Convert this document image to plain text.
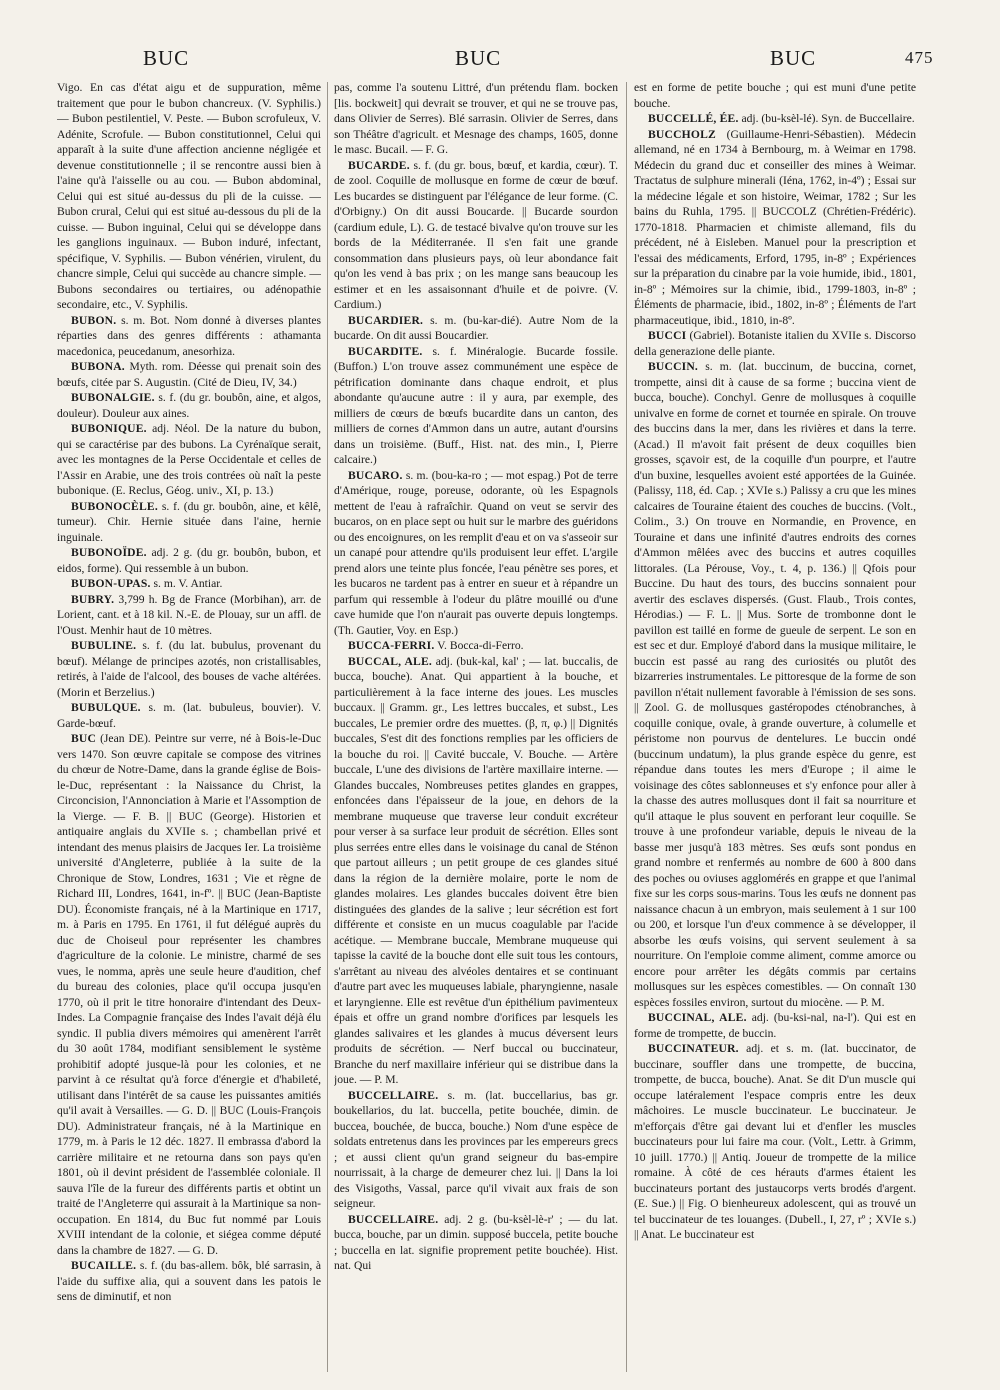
BUC	BUC	BUC	475

Vigo. En cas d'état aigu et de suppuration, même traitement que pour le bubon chancreux. (V. Syphilis.) — Bubon pestilentiel, V. Peste. — Bubon scrofuleux, V. Adénite, Scrofule. — Bubon constitutionnel, Celui qui apparaît à la suite d'une affection ancienne négligée et devenue constitutionnelle ; il se rencontre aussi bien à l'aine qu'à l'aisselle ou au cou. — Bubon abdominal, Celui qui est situé au-dessus du pli de la cuisse. — Bubon crural, Celui qui est situé au-dessous du pli de la cuisse. — Bubon inguinal, Celui qui se développe dans les ganglions inguinaux. — Bubon induré, infectant, spécifique, V. Syphilis. — Bubon vénérien, virulent, du chancre simple, Celui qui succède au chancre simple. — Bubons secondaires ou tertiaires, ou adénopathie secondaire, etc., V. Syphilis.

BUBON. s. m. Bot. Nom donné à diverses plantes réparties dans des genres différents : athamanta macedonica, peucedanum, anesorhiza.

BUBONA. Myth. rom. Déesse qui prenait soin des bœufs, citée par S. Augustin. (Cité de Dieu, IV, 34.)

BUBONALGIE. s. f. (du gr. boubôn, aine, et algos, douleur). Douleur aux aines.

BUBONIQUE. adj. Néol. De la nature du bubon, qui se caractérise par des bubons. La Cyrénaïque serait, avec les montagnes de la Perse Occidentale et celles de l'Assir en Arabie, une des trois contrées où naît la peste bubonique. (E. Reclus, Géog. univ., XI, p. 13.)

BUBONOCÈLE. s. f. (du gr. boubôn, aine, et kêlê, tumeur). Chir. Hernie située dans l'aine, hernie inguinale.

BUBONOÏDE. adj. 2 g. (du gr. boubôn, bubon, et eidos, forme). Qui ressemble à un bubon.

BUBON-UPAS. s. m. V. Antiar.

BUBRY. 3,799 h. Bg de France (Morbihan), arr. de Lorient, cant. et à 18 kil. N.-E. de Plouay, sur un affl. de l'Oust. Menhir haut de 10 mètres.

BUBULINE. s. f. (du lat. bubulus, provenant du bœuf). Mélange de principes azotés, non cristallisables, retirés, à l'aide de l'alcool, des bouses de vache altérées. (Morin et Berzelius.)

BUBULQUE. s. m. (lat. bubuleus, bouvier). V. Garde-bœuf.

BUC (Jean DE). Peintre sur verre, né à Bois-le-Duc vers 1470. Son œuvre capitale se compose des vitrines du chœur de Notre-Dame, dans la grande église de Bois-le-Duc, représentant : la Naissance du Christ, la Circoncision, l'Annonciation à Marie et l'Assomption de la Vierge. — F. B. || BUC (George). Historien et antiquaire anglais du XVIIe s. ; chambellan privé et intendant des menus plaisirs de Jacques Ier. La troisième université d'Angleterre, publiée à la suite de la Chronique de Stow, Londres, 1631 ; Vie et règne de Richard III, Londres, 1641, in-fº. || BUC (Jean-Baptiste DU). Économiste français, né à la Martinique en 1717, m. à Paris en 1795. En 1761, il fut délégué auprès du duc de Choiseul pour représenter les chambres d'agriculture de la colonie. Le ministre, charmé de ses vues, le nomma, après une seule heure d'audition, chef du bureau des colonies, place qu'il occupa jusqu'en 1770, où il prit le titre honoraire d'intendant des Deux-Indes. La Compagnie française des Indes l'avait déjà élu syndic. Il publia divers mémoires qui amenèrent l'arrêt du 30 août 1784, modifiant sensiblement le système prohibitif adopté jusque-là pour les colonies, et ne parvint à ce résultat qu'à force d'énergie et d'habileté, utilisant dans l'intérêt de sa cause les puissantes amitiés qu'il avait à Versailles. — G. D. || BUC (Louis-François DU). Administrateur français, né à la Martinique en 1779, m. à Paris le 12 déc. 1827. Il embrassa d'abord la carrière militaire et ne retourna dans son pays qu'en 1801, où il devint président de l'assemblée coloniale. Il sauva l'île de la fureur des différents partis et obtint un traité de l'Angleterre qui assurait à la Martinique sa non-occupation. En 1814, du Buc fut nommé par Louis XVIII intendant de la colonie, et siégea comme député dans la chambre de 1827. — G. D.

BUCAILLE. s. f. (du bas-allem. bôk, blé sarrasin, à l'aide du suffixe alia, qui a souvent dans les patois le sens de diminutif, et non

pas, comme l'a soutenu Littré, d'un prétendu flam. bocken [lis. bockweit] qui devrait se trouver, et qui ne se trouve pas, dans Olivier de Serres). Blé sarrasin. Olivier de Serres, dans son Théâtre d'agricult. et Mesnage des champs, 1605, donne le masc. Bucail. — F. G.

BUCARDE. s. f. (du gr. bous, bœuf, et kardia, cœur). T. de zool. Coquille de mollusque en forme de cœur de bœuf. Les bucardes se distinguent par l'élégance de leur forme. (C. d'Orbigny.) On dit aussi Boucarde. || Bucarde sourdon (cardium edule, L). G. de testacé bivalve qu'on trouve sur les bords de la Méditerranée. Il s'en fait une grande consommation dans plusieurs pays, où leur abondance fait qu'on les vend à bas prix ; on les mange sans beaucoup les estimer et en les assaisonnant d'huile et de poivre. (V. Cardium.)

BUCARDIER. s. m. (bu-kar-dié). Autre Nom de la bucarde. On dit aussi Boucardier.

BUCARDITE. s. f. Minéralogie. Bucarde fossile. (Buffon.) L'on trouve assez communément une espèce de pétrification dominante dans chaque endroit, et plus abondante qu'aucune autre : il y aura, par exemple, des milliers de cœurs de bœufs bucardite dans un canton, des milliers de cornes d'Ammon dans un autre, autant d'oursins dans un troisième. (Buff., Hist. nat. des min., I, Pierre calcaire.)

BUCARO. s. m. (bou-ka-ro ; — mot espag.) Pot de terre d'Amérique, rouge, poreuse, odorante, où les Espagnols mettent de l'eau à rafraîchir. Quand on veut se servir des bucaros, on en place sept ou huit sur le marbre des guéridons ou des encoignures, on les remplit d'eau et on va s'asseoir sur un canapé pour attendre qu'ils produisent leur effet. L'argile prend alors une teinte plus foncée, l'eau pénètre ses pores, et les bucaros ne tardent pas à entrer en sueur et à répandre un parfum qui ressemble à l'odeur du plâtre mouillé ou d'une cave humide que l'on n'aurait pas ouverte depuis longtemps. (Th. Gautier, Voy. en Esp.)

BUCCA-FERRI. V. Bocca-di-Ferro.

BUCCAL, ALE. adj. (buk-kal, kal' ; — lat. buccalis, de bucca, bouche). Anat. Qui appartient à la bouche, et particulièrement à la face interne des joues. Les muscles buccaux. || Gramm. gr., Les lettres buccales, et subst., Les buccales, Le premier ordre des muettes. (β, π, φ.) || Dignités buccales, S'est dit des fonctions remplies par les officiers de la bouche du roi. || Cavité buccale, V. Bouche. — Artère buccale, L'une des divisions de l'artère maxillaire interne. — Glandes buccales, Nombreuses petites glandes en grappes, enfoncées dans l'épaisseur de la joue, en dehors de la membrane muqueuse que traverse leur conduit excréteur pour verser à sa surface leur produit de sécrétion. Elles sont plus serrées entre elles dans le voisinage du canal de Sténon que partout ailleurs ; un petit groupe de ces glandes situé dans la région de la dernière molaire, porte le nom de glandes molaires. Les glandes buccales doivent être bien distinguées des glandes de la salive ; leur sécrétion est fort différente et consiste en un mucus coagulable par l'acide acétique. — Membrane buccale, Membrane muqueuse qui tapisse la cavité de la bouche dont elle suit tous les contours, s'arrêtant au niveau des alvéoles dentaires et se continuant d'autre part avec les muqueuses labiale, pharyngienne, nasale et laryngienne. Elle est revêtue d'un épithélium pavimenteux épais et offre un grand nombre d'orifices par lesquels les glandes salivaires et les glandes à mucus déversent leurs produits de sécrétion. — Nerf buccal ou buccinateur, Branche du nerf maxillaire inférieur qui se distribue dans la joue. — P. M.

BUCCELLAIRE. s. m. (lat. buccellarius, bas gr. boukellarios, du lat. buccella, petite bouchée, dimin. de buccea, bouchée, de bucca, bouche.) Nom d'une espèce de soldats entretenus dans les provinces par les empereurs grecs ; et aussi client qu'un grand seigneur du bas-empire nourrissait, à la charge de demeurer chez lui. || Dans la loi des Visigoths, Vassal, parce qu'il vivait aux frais de son seigneur.

BUCCELLAIRE. adj. 2 g. (bu-ksèl-lè-r' ; — du lat. bucca, bouche, par un dimin. supposé buccela, petite bouche ; buccella en lat. signifie proprement petite bouchée). Hist. nat. Qui

est en forme de petite bouche ; qui est muni d'une petite bouche.

BUCCELLÉ, ÉE. adj. (bu-ksèl-lé). Syn. de Buccellaire.

BUCCHOLZ (Guillaume-Henri-Sébastien). Médecin allemand, né en 1734 à Bernbourg, m. à Weimar en 1798. Médecin du grand duc et conseiller des mines à Weimar. Tractatus de sulphure minerali (Iéna, 1762, in-4º) ; Essai sur la médecine légale et son histoire, Weimar, 1782 ; Sur les bains du Ruhla, 1795. || BUCCOLZ (Chrétien-Frédéric). 1770-1818. Pharmacien et chimiste allemand, fils du précédent, né à Eisleben. Manuel pour la prescription et l'essai des médicaments, Erford, 1795, in-8º ; Expériences sur la préparation du cinabre par la voie humide, ibid., 1801, in-8º ; Mémoires sur la chimie, ibid., 1799-1803, in-8º ; Éléments de pharmacie, ibid., 1802, in-8º ; Éléments de l'art pharmaceutique, ibid., 1810, in-8º.

BUCCI (Gabriel). Botaniste italien du XVIIe s. Discorso della generazione delle piante.

BUCCIN. s. m. (lat. buccinum, de buccina, cornet, trompette, ainsi dit à cause de sa forme ; buccina vient de bucca, bouche). Conchyl. Genre de mollusques à coquille univalve en forme de cornet et tournée en spirale. On trouve des buccins dans la mer, dans les rivières et dans la terre. (Acad.) Il m'avoit fait présent de deux coquilles bien grosses, sçavoir est, de la coquille d'un pourpre, et l'autre d'un buxine, lesquelles avoient esté apportées de la Guinée. (Palissy, 118, éd. Cap. ; XVIe s.) Palissy a cru que les mines calcaires de Touraine étaient des couches de buccins. (Volt., Colim., 3.) On trouve en Normandie, en Provence, en Touraine et dans une infinité d'autres endroits des cornes d'Ammon mêlées avec des buccins et autres coquilles littorales. (La Pérouse, Voy., t. 4, p. 136.) || Qfois pour Buccine. Du haut des tours, des buccins sonnaient pour avertir des esclaves dispersés. (Gust. Flaub., Trois contes, Hérodias.) — F. L. || Mus. Sorte de trombonne dont le pavillon est taillé en forme de gueule de serpent. Le son en est sec et dur. Employé d'abord dans la musique militaire, le buccin est passé au rang des curiosités ou plutôt des bizarreries instrumentales. Le pittoresque de la forme de son pavillon n'était nullement favorable à l'émission de ses sons. || Zool. G. de mollusques gastéropodes cténobranches, à coquille conique, ovale, à grande ouverture, à columelle et péristome non pourvus de dentelures. Le buccin ondé (buccinum undatum), la plus grande espèce du genre, est répandue dans toutes les mers d'Europe ; il aime le voisinage des côtes sablonneuses et s'y enfonce pour aller à la chasse des autres mollusques dont il fait sa nourriture et qu'il attaque le plus souvent en perforant leur coquille. Se trouve à une profondeur variable, depuis le niveau de la basse mer jusqu'à 183 mètres. Ses œufs sont pondus en grand nombre et renfermés au nombre de 600 à 800 dans des poches ou oviuses agglomérés en grappe et que l'animal fixe sur les corps sous-marins. Tous les œufs ne donnent pas naissance chacun à un embryon, mais seulement à 1 sur 100 ou 200, et lorsque l'un d'eux commence à se développer, il absorbe les œufs voisins, qui servent seulement à sa nourriture. On l'emploie comme aliment, comme amorce ou encore pour arrêter les dégâts commis par certains mollusques sur les espèces comestibles. — On connaît 130 espèces fossiles environ, surtout du miocène. — P. M.

BUCCINAL, ALE. adj. (bu-ksi-nal, na-l'). Qui est en forme de trompette, de buccin.

BUCCINATEUR. adj. et s. m. (lat. buccinator, de buccinare, souffler dans une trompette, de buccina, trompette, de bucca, bouche). Anat. Se dit D'un muscle qui occupe latéralement l'espace compris entre les deux mâchoires. Le muscle buccinateur. Le buccinateur. Je m'efforçais d'être gai devant lui et d'enfler les muscles buccinateurs pour lui faire ma cour. (Volt., Lettr. à Grimm, 10 juill. 1770.) || Antiq. Joueur de trompette de la milice romaine. À côté de ces hérauts d'armes étaient les buccinateurs portant des justaucorps verts brodés d'argent. (E. Sue.) || Fig. O bienheureux adolescent, qui as trouvé un tel buccinateur de tes louanges. (Dubell., I, 27, rº ; XVIe s.) || Anat. Le buccinateur est
